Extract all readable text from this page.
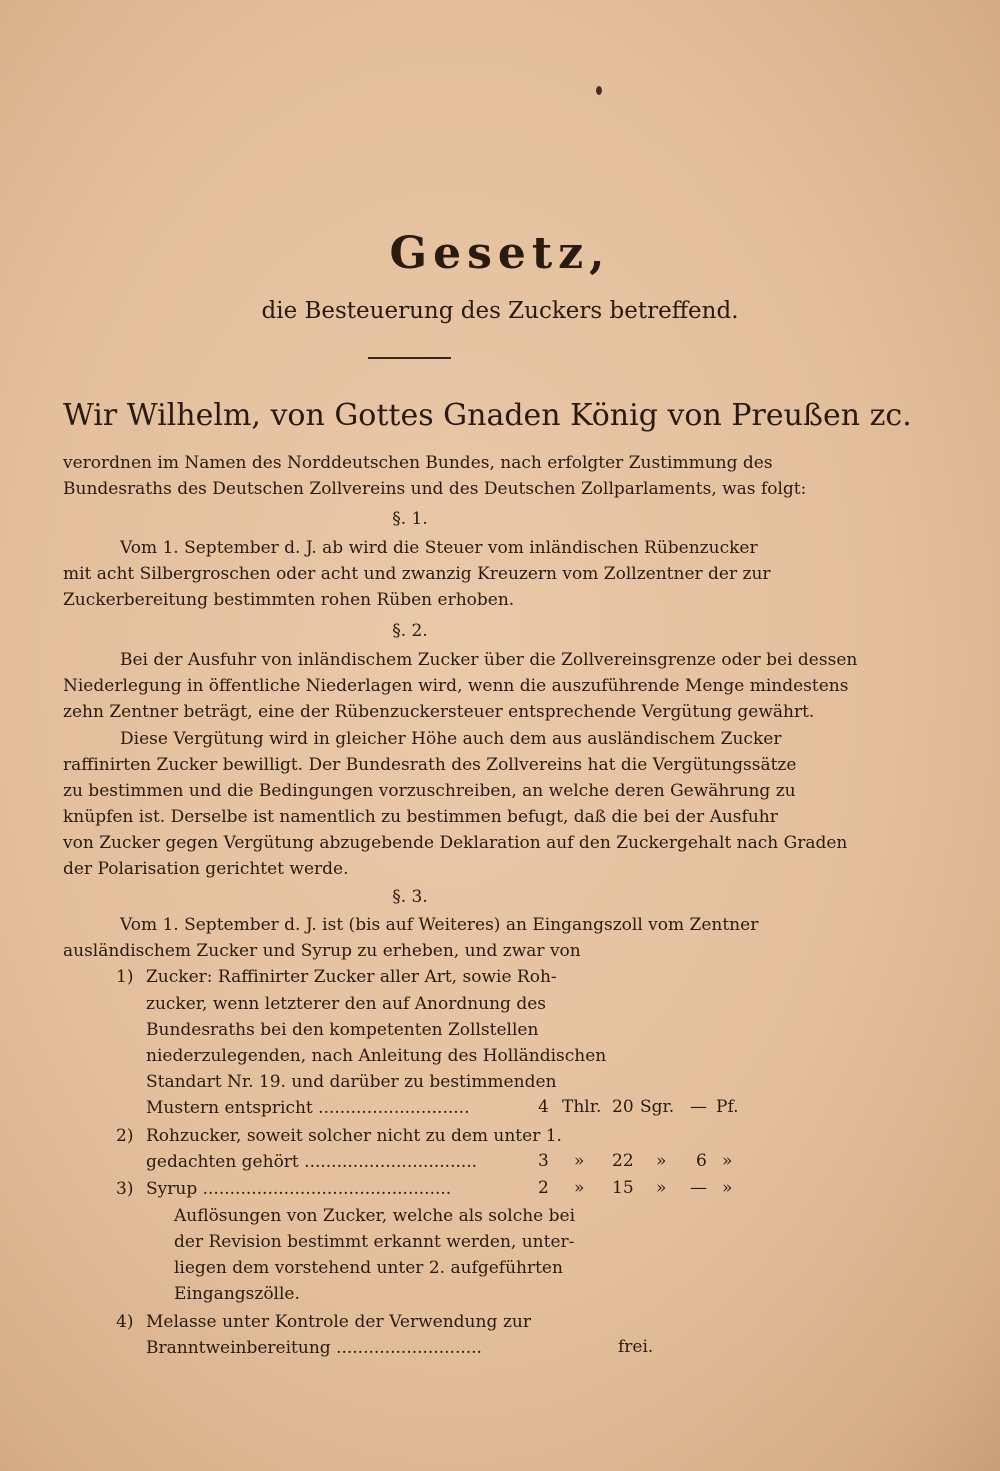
Gesetz,
die Besteuerung des Zuckers betreffend.
Wir Wilhelm, von Gottes Gnaden König von Preußen zc.
verordnen im Namen des Norddeutschen Bundes, nach erfolgter Zustimmung des
Bundesraths des Deutschen Zollvereins und des Deutschen Zollparlaments, was folgt:
§. 1.
Vom 1. September d. J. ab wird die Steuer vom inländischen Rübenzucker
mit acht Silbergroschen oder acht und zwanzig Kreuzern vom Zollzentner der zur
Zuckerbereitung bestimmten rohen Rüben erhoben.
§. 2.
Bei der Ausfuhr von inländischem Zucker über die Zollvereinsgrenze oder bei dessen
Niederlegung in öffentliche Niederlagen wird, wenn die auszuführende Menge mindestens
zehn Zentner beträgt, eine der Rübenzuckersteuer entsprechende Vergütung gewährt.
Diese Vergütung wird in gleicher Höhe auch dem aus ausländischem Zucker
raffinirten Zucker bewilligt. Der Bundesrath des Zollvereins hat die Vergütungssätze
zu bestimmen und die Bedingungen vorzuschreiben, an welche deren Gewährung zu
knüpfen ist. Derselbe ist namentlich zu bestimmen befugt, daß die bei der Ausfuhr
von Zucker gegen Vergütung abzugebende Deklaration auf den Zuckergehalt nach Graden
der Polarisation gerichtet werde.
§. 3.
Vom 1. September d. J. ist (bis auf Weiteres) an Eingangszoll vom Zentner
ausländischem Zucker und Syrup zu erheben, und zwar von
1) Zucker: Raffinirter Zucker aller Art, sowie Roh-
zucker, wenn letzterer den auf Anordnung des
Bundesraths bei den kompetenten Zollstellen
niederzulegenden, nach Anleitung des Holländischen
Standart Nr. 19. und darüber zu bestimmenden
Mustern entspricht ............................	4 Thlr. 20 Sgr. — Pf.
2) Rohzucker, soweit solcher nicht zu dem unter 1.
gedachten gehört ................................	3 » 22 » 6 »
3) Syrup ..............................................	2 » 15 » — »
Auflösungen von Zucker, welche als solche bei
der Revision bestimmt erkannt werden, unter-
liegen dem vorstehend unter 2. aufgeführten
Eingangszölle.
4) Melasse unter Kontrole der Verwendung zur
Branntweinbereitung ...........................	frei.
